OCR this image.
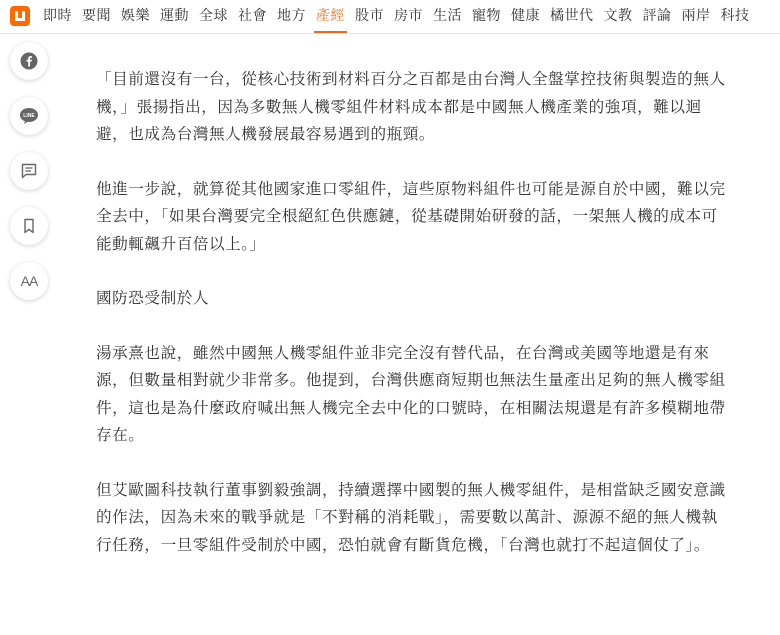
即時 要聞 娛樂 運動 全球 社會 地方 產經 股市 房市 生活 寵物 健康 橘世代 文教 評論 兩岸 科技
LINE
AA

「目前還沒有一台，從核心技術到材料百分之百都是由台灣人全盤掌控技術與製造的無人機，」張揚指出，因為多數無人機零組件材料成本都是中國無人機產業的強項，難以迴避，也成為台灣無人機發展最容易遇到的瓶頸。

他進一步說，就算從其他國家進口零組件，這些原物料組件也可能是源自於中國，難以完全去中，「如果台灣要完全根絕紅色供應鏈，從基礎開始研發的話，一架無人機的成本可能動輒飆升百倍以上。」

國防恐受制於人

湯承熹也說，雖然中國無人機零組件並非完全沒有替代品，在台灣或美國等地還是有來源，但數量相對就少非常多。他提到，台灣供應商短期也無法生量產出足夠的無人機零組件，這也是為什麼政府喊出無人機完全去中化的口號時，在相關法規還是有許多模糊地帶存在。

但艾歐圖科技執行董事劉毅強調，持續選擇中國製的無人機零組件，是相當缺乏國安意識的作法，因為未來的戰爭就是「不對稱的消耗戰」，需要數以萬計、源源不絕的無人機執行任務，一旦零組件受制於中國，恐怕就會有斷貨危機，「台灣也就打不起這個仗了」。
